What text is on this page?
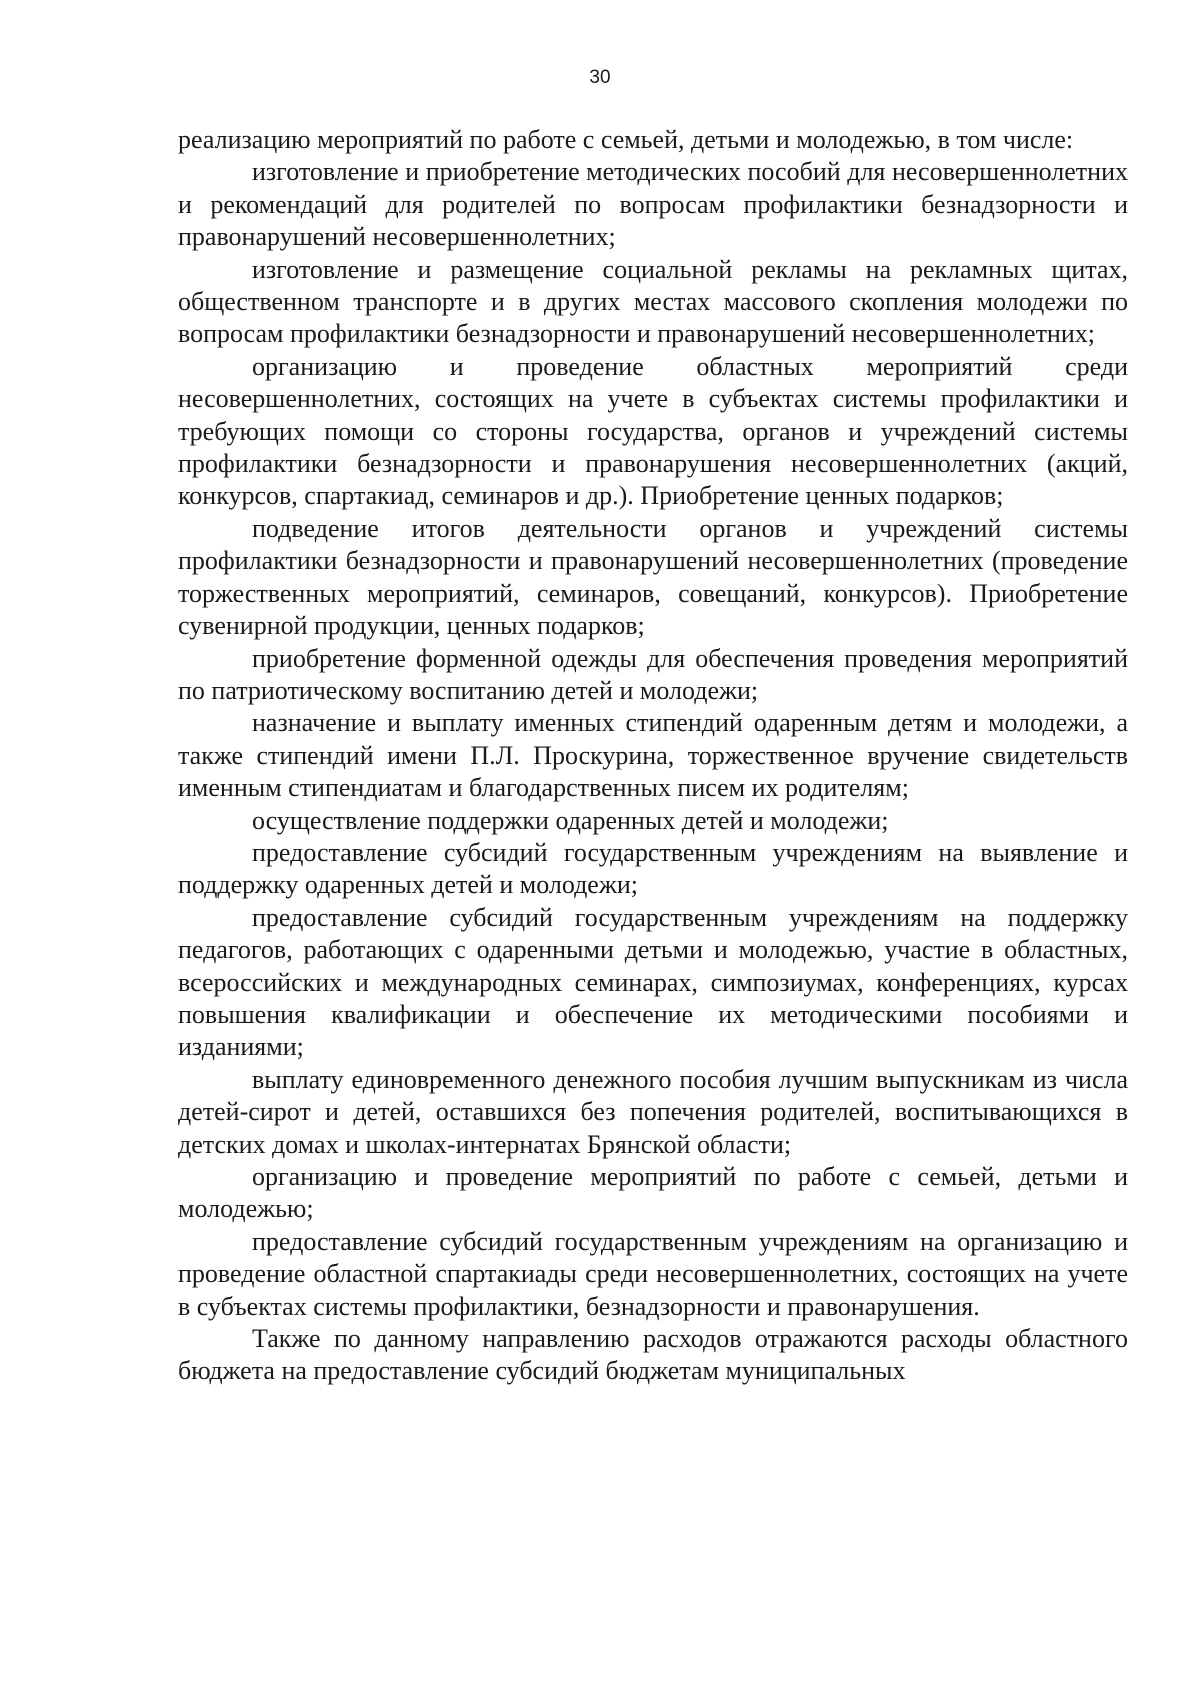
30

реализацию мероприятий по работе с семьей, детьми и молодежью, в том числе:

изготовление и приобретение методических пособий для несовершеннолетних и рекомендаций для родителей по вопросам профилактики безнадзорности и правонарушений несовершеннолетних;

изготовление и размещение социальной рекламы на рекламных щитах, общественном транспорте и в других местах массового скопления молодежи по вопросам профилактики безнадзорности и правонарушений несовершеннолетних;

организацию и проведение областных мероприятий среди несовершеннолетних, состоящих на учете в субъектах системы профилактики и требующих помощи со стороны государства, органов и учреждений системы профилактики безнадзорности и правонарушения несовершеннолетних (акций, конкурсов, спартакиад, семинаров и др.). Приобретение ценных подарков;

подведение итогов деятельности органов и учреждений системы профилактики безнадзорности и правонарушений несовершеннолетних (проведение торжественных мероприятий, семинаров, совещаний, конкурсов). Приобретение сувенирной продукции, ценных подарков;

приобретение форменной одежды для обеспечения проведения мероприятий по патриотическому воспитанию детей и молодежи;

назначение и выплату именных стипендий одаренным детям и молодежи, а также стипендий имени П.Л. Проскурина, торжественное вручение свидетельств именным стипендиатам и благодарственных писем их родителям;

осуществление поддержки одаренных детей и молодежи;

предоставление субсидий государственным учреждениям на выявление и поддержку одаренных детей и молодежи;

предоставление субсидий государственным учреждениям на поддержку педагогов, работающих с одаренными детьми и молодежью, участие в областных, всероссийских и международных семинарах, симпозиумах, конференциях, курсах повышения квалификации и обеспечение их методическими пособиями и изданиями;

выплату единовременного денежного пособия лучшим выпускникам из числа детей-сирот и детей, оставшихся без попечения родителей, воспитывающихся в детских домах и школах-интернатах Брянской области;

организацию и проведение мероприятий по работе с семьей, детьми и молодежью;

предоставление субсидий государственным учреждениям на организацию и проведение областной спартакиады среди несовершеннолетних, состоящих на учете в субъектах системы профилактики, безнадзорности и правонарушения.

Также по данному направлению расходов отражаются расходы областного бюджета на предоставление субсидий бюджетам муниципальных
